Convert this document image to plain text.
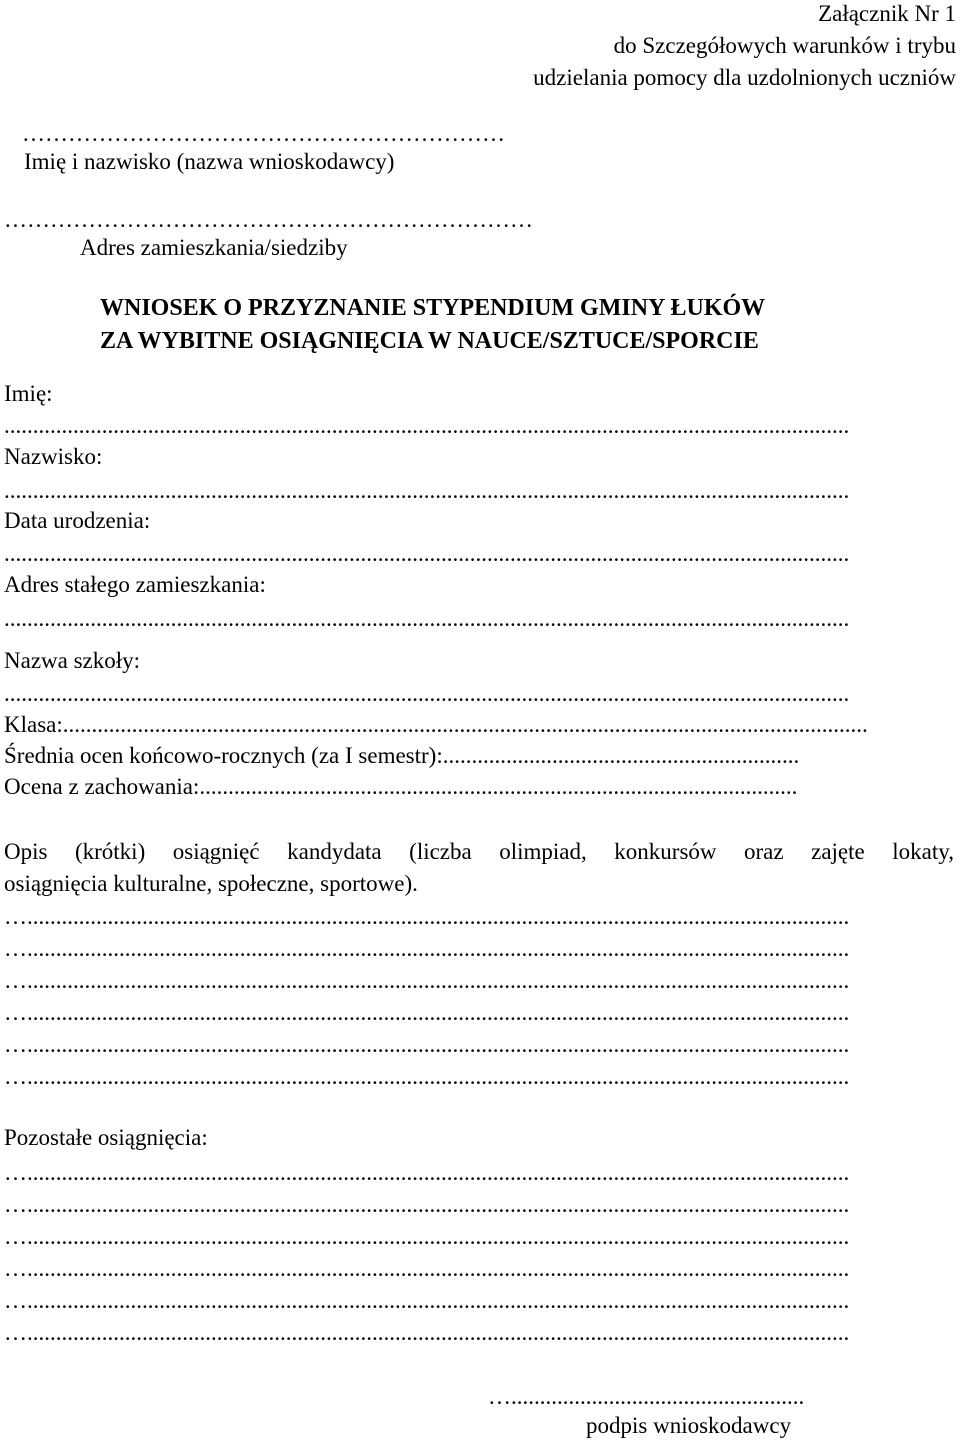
Załącznik Nr 1
do Szczegółowych warunków i trybu
udzielania pomocy dla uzdolnionych uczniów
………………………………………………………
Imię i nazwisko (nazwa wnioskodawcy)
……………………………………………………………
Adres zamieszkania/siedziby
WNIOSEK O PRZYZNANIE STYPENDIUM GMINY ŁUKÓW
ZA WYBITNE OSIĄGNIĘCIA W NAUCE/SZTUCE/SPORCIE
Imię:
...................................................................................................................................................
Nazwisko:
...................................................................................................................................................
Data urodzenia:
...................................................................................................................................................
Adres stałego zamieszkania:
...................................................................................................................................................
Nazwa szkoły:
...................................................................................................................................................
Klasa:............................................................................................................................................
Średnia ocen końcowo-rocznych (za I semestr):..............................................................
Ocena z zachowania:........................................................................................................
Opis (krótki) osiągnięć kandydata (liczba olimpiad, konkursów oraz zajęte lokaty,
osiągnięcia kulturalne, społeczne, sportowe).
…...............................................................................................................................................
…...............................................................................................................................................
…...............................................................................................................................................
…...............................................................................................................................................
…...............................................................................................................................................
…...............................................................................................................................................
Pozostałe osiągnięcia:
…...............................................................................................................................................
…...............................................................................................................................................
…...............................................................................................................................................
…...............................................................................................................................................
…...............................................................................................................................................
…...............................................................................................................................................
…...................................................
podpis wnioskodawcy
